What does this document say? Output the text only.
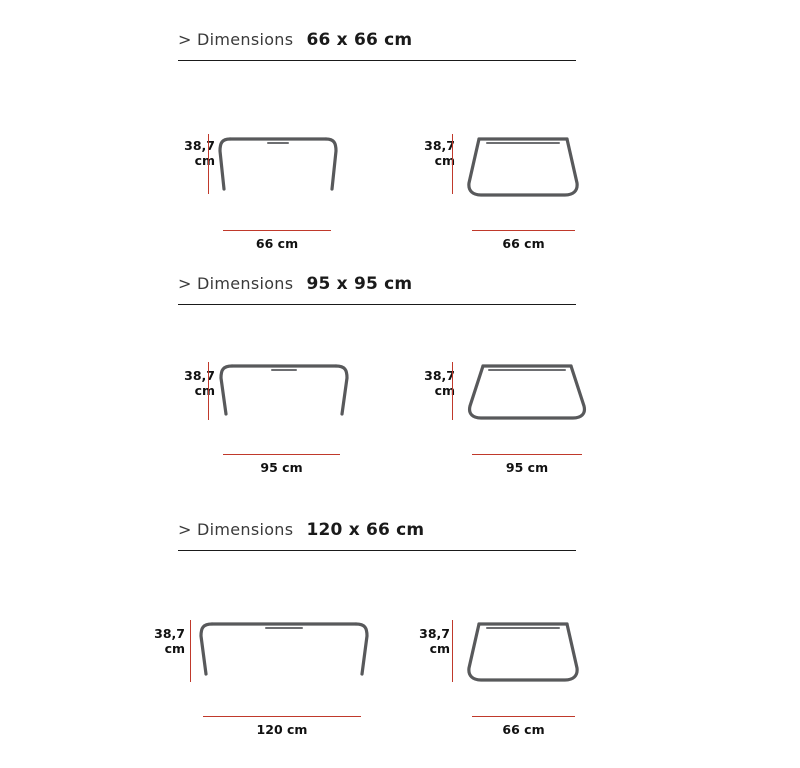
> Dimensions 66 x 66 cm
38,7
cm
66 cm
38,7
cm
66 cm
> Dimensions 95 x 95 cm
38,7
cm
95 cm
38,7
cm
95 cm
> Dimensions 120 x 66 cm
38,7
cm
120 cm
38,7
cm
66 cm
